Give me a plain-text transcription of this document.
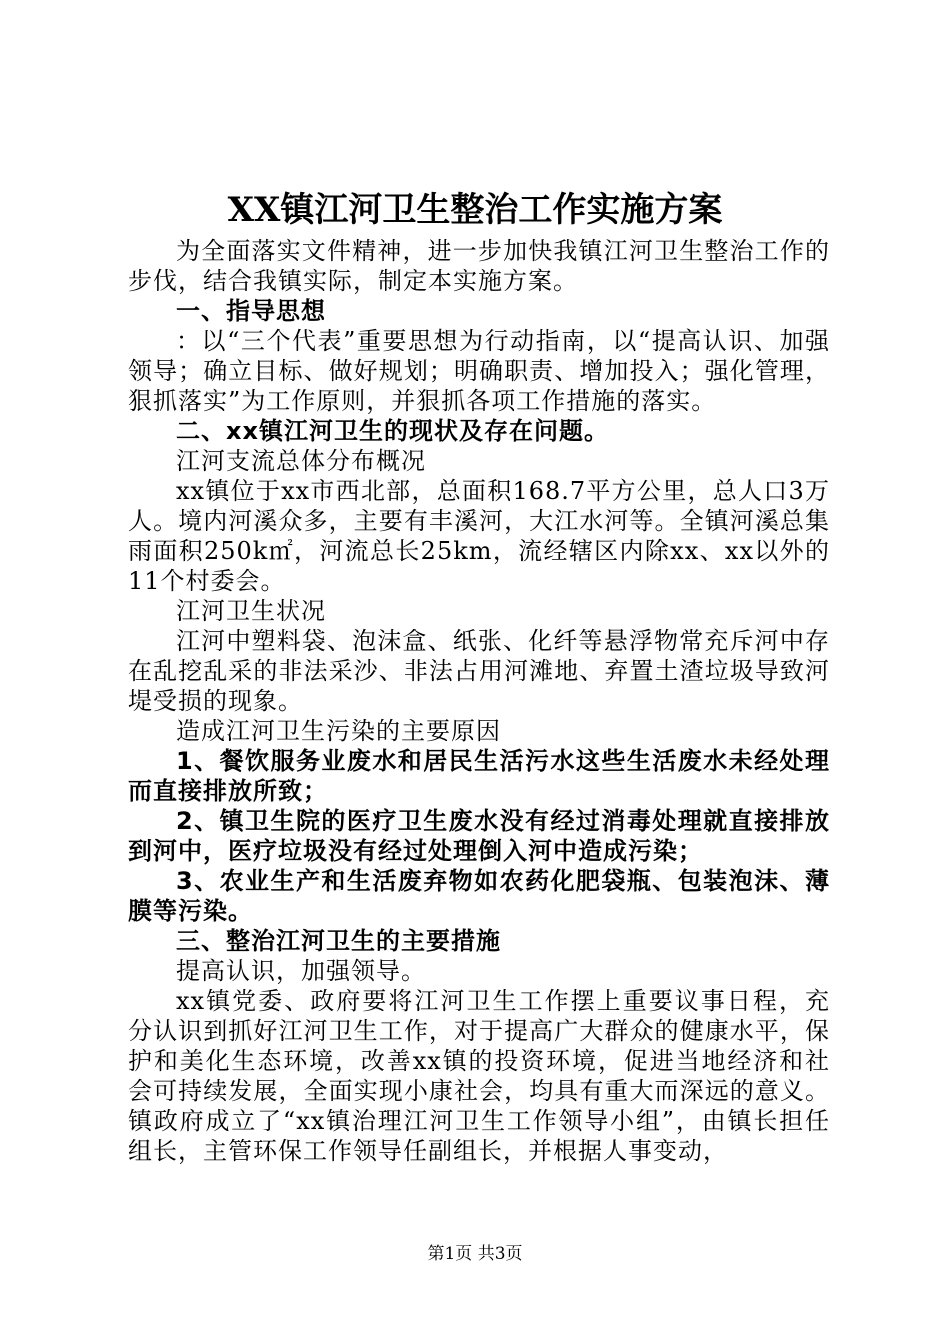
XX镇江河卫生整治工作实施方案

为全面落实文件精神，进一步加快我镇江河卫生整治工作的步伐，结合我镇实际，制定本实施方案。

一、指导思想

：以“三个代表”重要思想为行动指南，以“提高认识、加强领导；确立目标、做好规划；明确职责、增加投入；强化管理，狠抓落实”为工作原则，并狠抓各项工作措施的落实。

二、xx镇江河卫生的现状及存在问题。

江河支流总体分布概况

xx镇位于xx市西北部，总面积168.7平方公里，总人口3万人。境内河溪众多，主要有丰溪河，大江水河等。全镇河溪总集雨面积250k㎡，河流总长25km，流经辖区内除xx、xx以外的11个村委会。

江河卫生状况

江河中塑料袋、泡沫盒、纸张、化纤等悬浮物常充斥河中存在乱挖乱采的非法采沙、非法占用河滩地、弃置土渣垃圾导致河堤受损的现象。

造成江河卫生污染的主要原因

1、餐饮服务业废水和居民生活污水这些生活废水未经处理而直接排放所致；

2、镇卫生院的医疗卫生废水没有经过消毒处理就直接排放到河中，医疗垃圾没有经过处理倒入河中造成污染；

3、农业生产和生活废弃物如农药化肥袋瓶、包装泡沫、薄膜等污染。

三、整治江河卫生的主要措施

提高认识，加强领导。

xx镇党委、政府要将江河卫生工作摆上重要议事日程，充分认识到抓好江河卫生工作，对于提高广大群众的健康水平，保护和美化生态环境，改善xx镇的投资环境，促进当地经济和社会可持续发展，全面实现小康社会，均具有重大而深远的意义。镇政府成立了“xx镇治理江河卫生工作领导小组”，由镇长担任组长，主管环保工作领导任副组长，并根据人事变动，

第1页 共3页
